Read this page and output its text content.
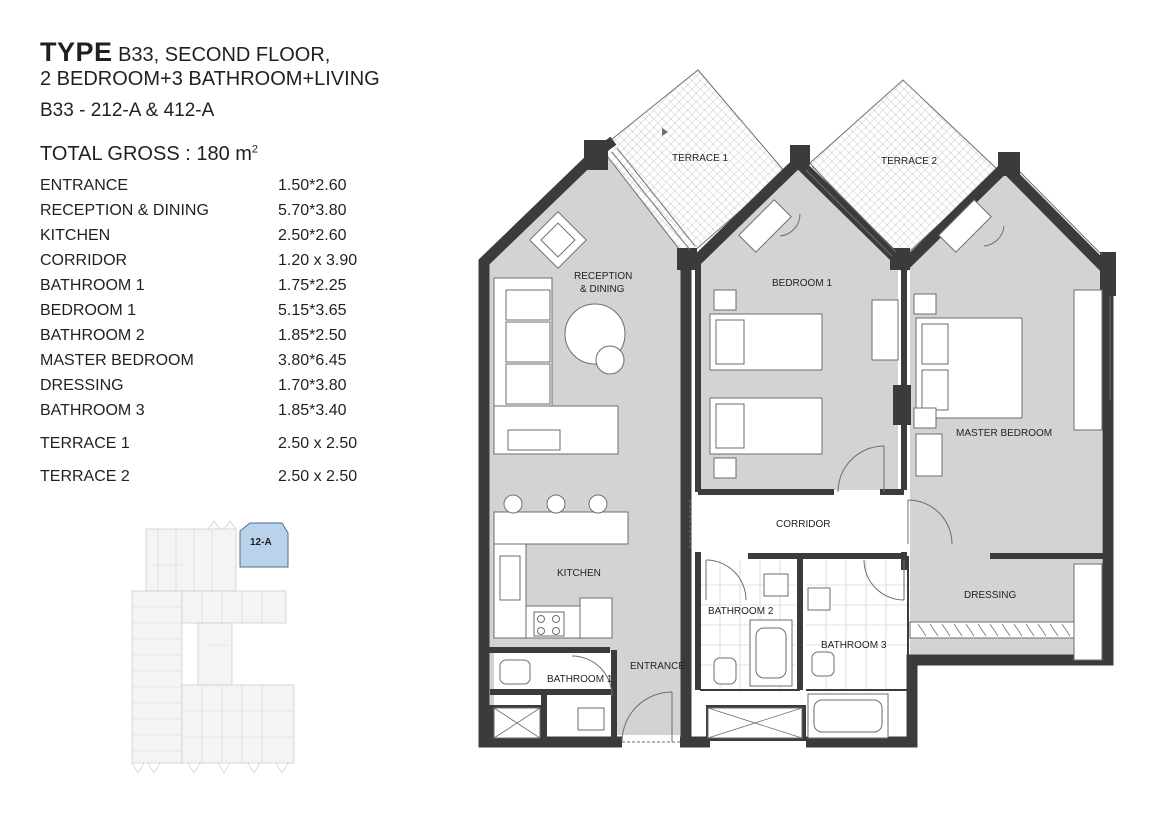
TYPE B33, SECOND FLOOR,
2 BEDROOM+3 BATHROOM+LIVING
B33 - 212-A & 412-A
TOTAL GROSS : 180 $m^2$
ENTRANCE	1.50*2.60
RECEPTION & DINING	5.70*3.80
KITCHEN	2.50*2.60
CORRIDOR	1.20 x 3.90
BATHROOM 1	1.75*2.25
BEDROOM 1	5.15*3.65
BATHROOM 2	1.85*2.50
MASTER BEDROOM	3.80*6.45
DRESSING	1.70*3.80
BATHROOM 3	1.85*3.40
TERRACE 1	2.50 x 2.50
TERRACE 2	2.50 x 2.50
12-A
TERRACE 1	TERRACE 2
RECEPTION
& DINING
BEDROOM 1
MASTER BEDROOM
CORRIDOR
KITCHEN
ENTRANCE
BATHROOM 1
BATHROOM 2
BATHROOM 3
DRESSING
